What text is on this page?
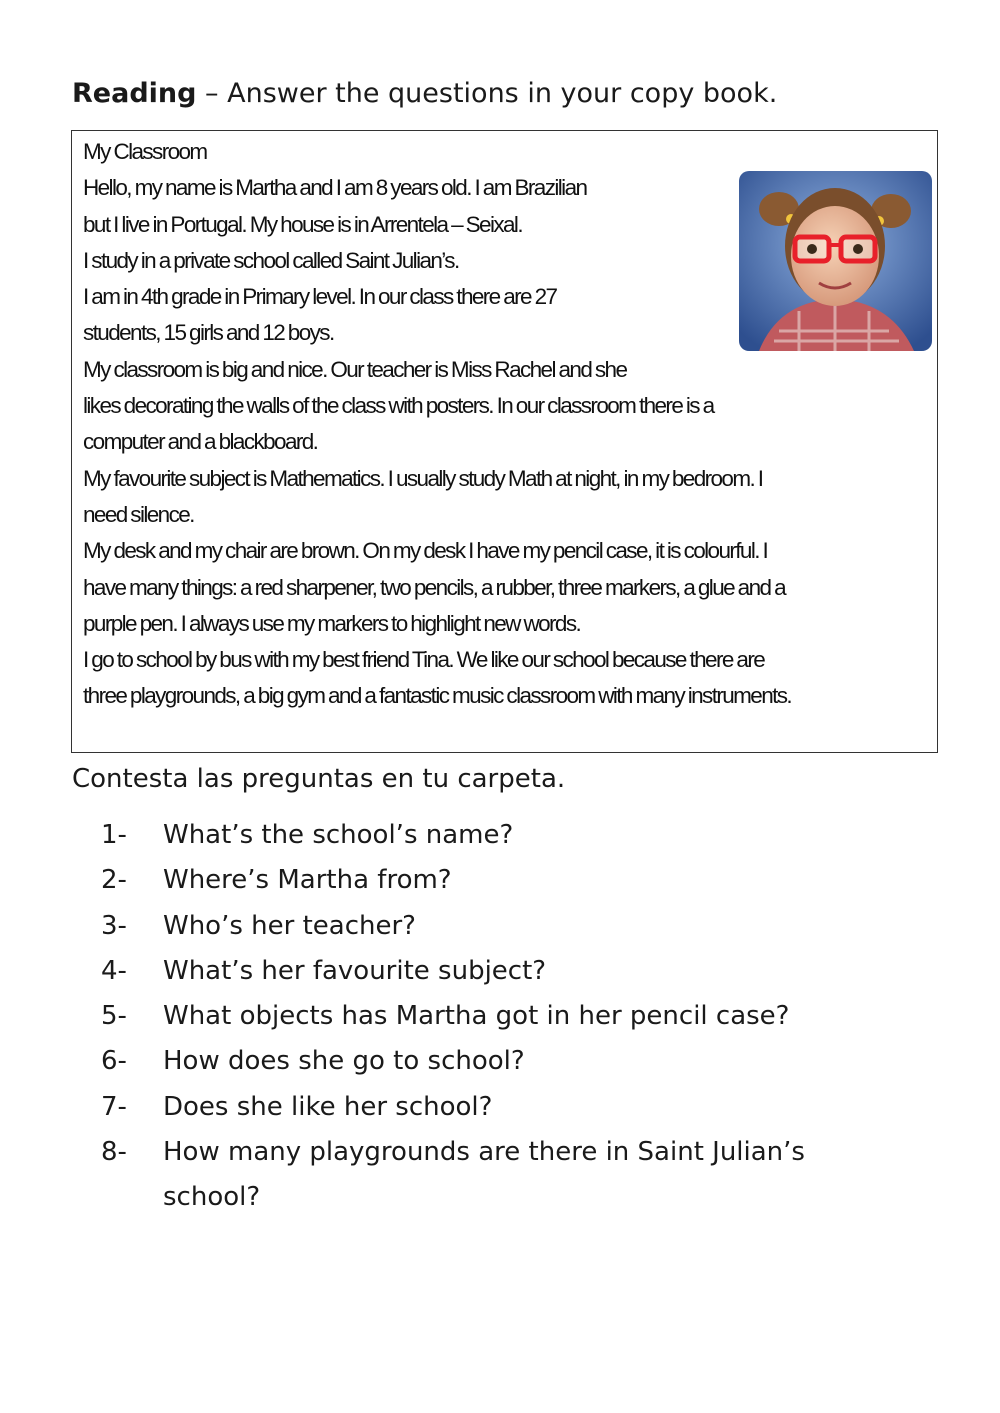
Reading – Answer the questions in your copy book.
My Classroom
Hello, my name is Martha and I am 8 years old. I am Brazilian
but I live in Portugal. My house is in Arrentela – Seixal.
I study in a private school called Saint Julian’s.
I am in 4th grade in Primary level. In our class there are 27
students, 15 girls and 12 boys.
My classroom is big and nice. Our teacher is Miss Rachel and she
likes decorating the walls of the class with posters. In our classroom there is a
computer and a blackboard.
My favourite subject is Mathematics. I usually study Math at night, in my bedroom. I
need silence.
My desk and my chair are brown. On my desk I have my pencil case, it is colourful. I
have many things: a red sharpener, two pencils, a rubber, three markers, a glue and a
purple pen. I always use my markers to highlight new words.
I go to school by bus with my best friend Tina. We like our school because there are
three playgrounds, a big gym and a fantastic music classroom with many instruments.
Contesta las preguntas en tu carpeta.
1- What’s the school’s name?
2- Where’s Martha from?
3- Who’s her teacher?
4- What’s her favourite subject?
5- What objects has Martha got in her pencil case?
6- How does she go to school?
7- Does she like her school?
8- How many playgrounds are there in Saint Julian’s school?
